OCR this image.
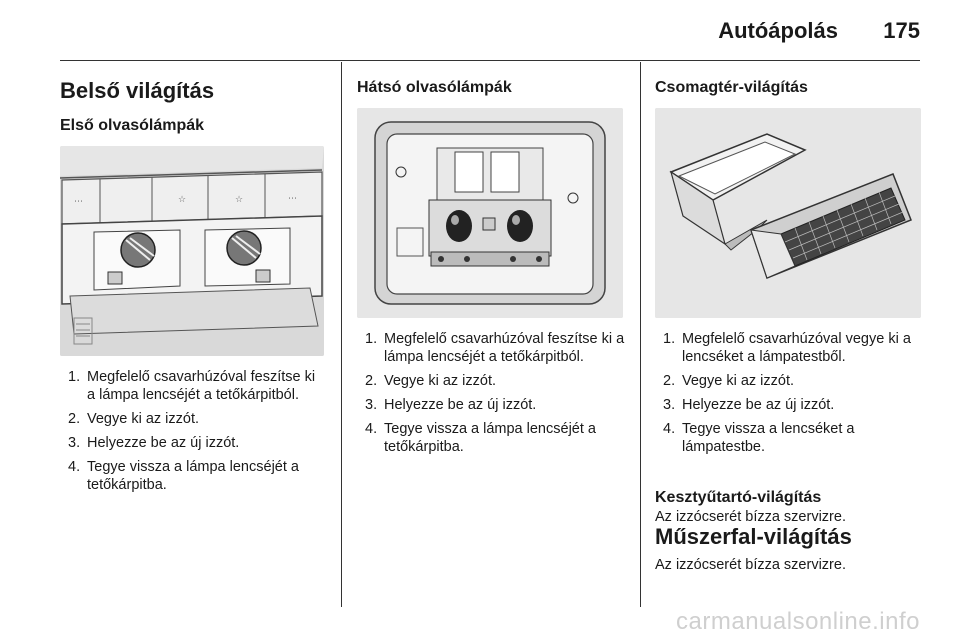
Autóápolás 175
Belső világítás
Első olvasólámpák
⋯	☆	☆	⋯
1. Megfelelő csavarhúzóval feszítse ki a lámpa lencséjét a tetőkárpitból.
2. Vegye ki az izzót.
3. Helyezze be az új izzót.
4. Tegye vissza a lámpa lencséjét a tetőkárpitba.
Hátsó olvasólámpák
1. Megfelelő csavarhúzóval feszítse ki a lámpa lencséjét a tetőkárpitból.
2. Vegye ki az izzót.
3. Helyezze be az új izzót.
4. Tegye vissza a lámpa lencséjét a tetőkárpitba.
Csomagtér-világítás
1. Megfelelő csavarhúzóval vegye ki a lencséket a lámpatestből.
2. Vegye ki az izzót.
3. Helyezze be az új izzót.
4. Tegye vissza a lencséket a lámpatestbe.
Kesztyűtartó-világítás
Az izzócserét bízza szervizre.
Műszerfal-világítás
Az izzócserét bízza szervizre.
carmanualsonline.info
